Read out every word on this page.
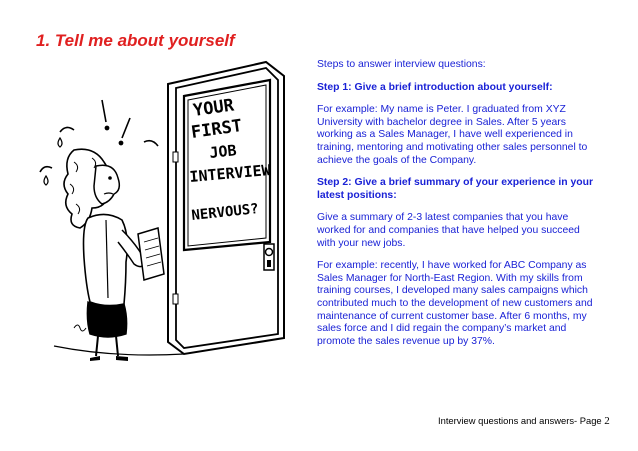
1. Tell me about yourself
YOUR
FIRST
JOB
INTERVIEW
NERVOUS?

Steps to answer interview questions:

Step 1: Give a brief introduction about yourself:

For example: My name is Peter. I graduated from XYZ University with bachelor degree in Sales. After 5 years working as a Sales Manager, I have well experienced in training, mentoring and motivating other sales personnel to achieve the goals of the Company.

Step 2: Give a brief summary of your experience in your latest positions:

Give a summary of 2-3 latest companies that you have worked for and companies that have helped you succeed with your new jobs.

For example: recently, I have worked for ABC Company as Sales Manager for North-East Region. With my skills from training courses, I developed many sales campaigns which contributed much to the development of new customers and maintenance of current customer base. After 6 months, my sales force and I did regain the company’s market and promote the sales revenue up by 37%.

Interview questions and answers- Page 2
